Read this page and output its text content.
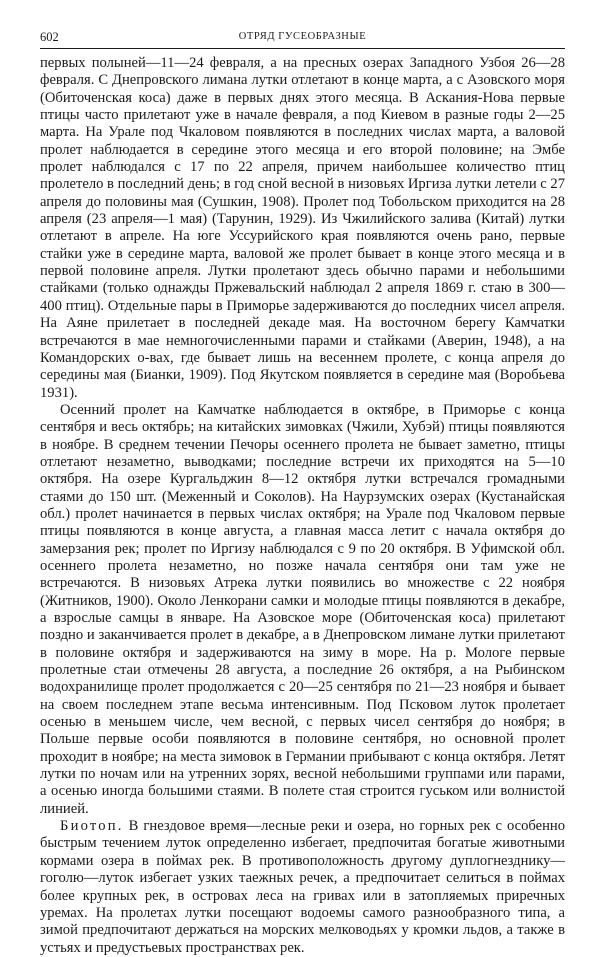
602	ОТРЯД ГУСЕОБРАЗНЫЕ

первых полыней—11—24 февраля, а на пресных озерах Западного Узбоя 26—28 февраля. С Днепровского лимана лутки отлетают в конце марта, а с Азовского моря (Обиточенская коса) даже в первых днях этого месяца. В Аскания-Нова первые птицы часто прилетают уже в начале февраля, а под Киевом в разные годы 2—25 марта. На Урале под Чкаловом появляются в последних числах марта, а валовой пролет наблюдается в середине этого месяца и его второй половине; на Эмбе пролет наблюдался с 17 по 22 апреля, причем наибольшее количество птиц пролетело в последний день; в год сной весной в низовьях Иргиза лутки летели с 27 апреля до половины мая (Сушкин, 1908). Пролет под Тобольском приходится на 28 апреля (23 апреля—1 мая) (Тарунин, 1929). Из Чжилийского залива (Китай) лутки отлетают в апреле. На юге Уссурийского края появляются очень рано, первые стайки уже в середине марта, валовой же пролет бывает в конце этого месяца и в первой половине апреля. Лутки пролетают здесь обычно парами и небольшими стайками (только однажды Пржевальский наблюдал 2 апреля 1869 г. стаю в 300—400 птиц). Отдельные пары в Приморье задерживаются до последних чисел апреля. На Аяне прилетает в последней декаде мая. На восточном берегу Камчатки встречаются в мае немногочисленными парами и стайками (Аверин, 1948), а на Командорских о-вах, где бывает лишь на весеннем пролете, с конца апреля до середины мая (Бианки, 1909). Под Якутском появляется в середине мая (Воробьева 1931).

Осенний пролет на Камчатке наблюдается в октябре, в Приморье с конца сентября и весь октябрь; на китайских зимовках (Чжили, Хубэй) птицы появляются в ноябре. В среднем течении Печоры осеннего пролета не бывает заметно, птицы отлетают незаметно, выводками; последние встречи их приходятся на 5—10 октября. На озере Кургальджин 8—12 октября лутки встречался громадными стаями до 150 шт. (Меженный и Соколов). На Наурзумских озерах (Кустанайская обл.) пролет начинается в первых числах октября; на Урале под Чкаловом первые птицы появляются в конце августа, а главная масса летит с начала октября до замерзания рек; пролет по Иргизу наблюдался с 9 по 20 октября. В Уфимской обл. осеннего пролета незаметно, но позже начала сентября они там уже не встречаются. В низовьях Атрека лутки появились во множестве с 22 ноября (Житников, 1900). Около Ленкорани самки и молодые птицы появляются в декабре, а взрослые самцы в январе. На Азовское море (Обиточенская коса) прилетают поздно и заканчивается пролет в декабре, а в Днепровском лимане лутки прилетают в половине октября и задерживаются на зиму в море. На р. Мологе первые пролетные стаи отмечены 28 августа, а последние 26 октября, а на Рыбинском водохранилище пролет продолжается с 20—25 сентября по 21—23 ноября и бывает на своем последнем этапе весьма интенсивным. Под Псковом луток пролетает осенью в меньшем числе, чем весной, с первых чисел сентября до ноября; в Польше первые особи появляются в половине сентября, но основной пролет проходит в ноябре; на места зимовок в Германии прибывают с конца октября. Летят лутки по ночам или на утренних зорях, весной небольшими группами или парами, а осенью иногда большими стаями. В полете стая строится гуськом или волнистой линией.

Биотоп. В гнездовое время—лесные реки и озера, но горных рек с особенно быстрым течением луток определенно избегает, предпочитая богатые животными кормами озера в поймах рек. В противоположность другому дуплогнезднику—гоголю—луток избегает узких таежных речек, а предпочитает селиться в поймах более крупных рек, в островах леса на гривах или в затопляемых приречных уремах. На пролетах лутки посещают водоемы самого разнообразного типа, а зимой предпочитают держаться на морских мелководьях у кромки льдов, а также в устьях и предустьевых пространствах рек.
